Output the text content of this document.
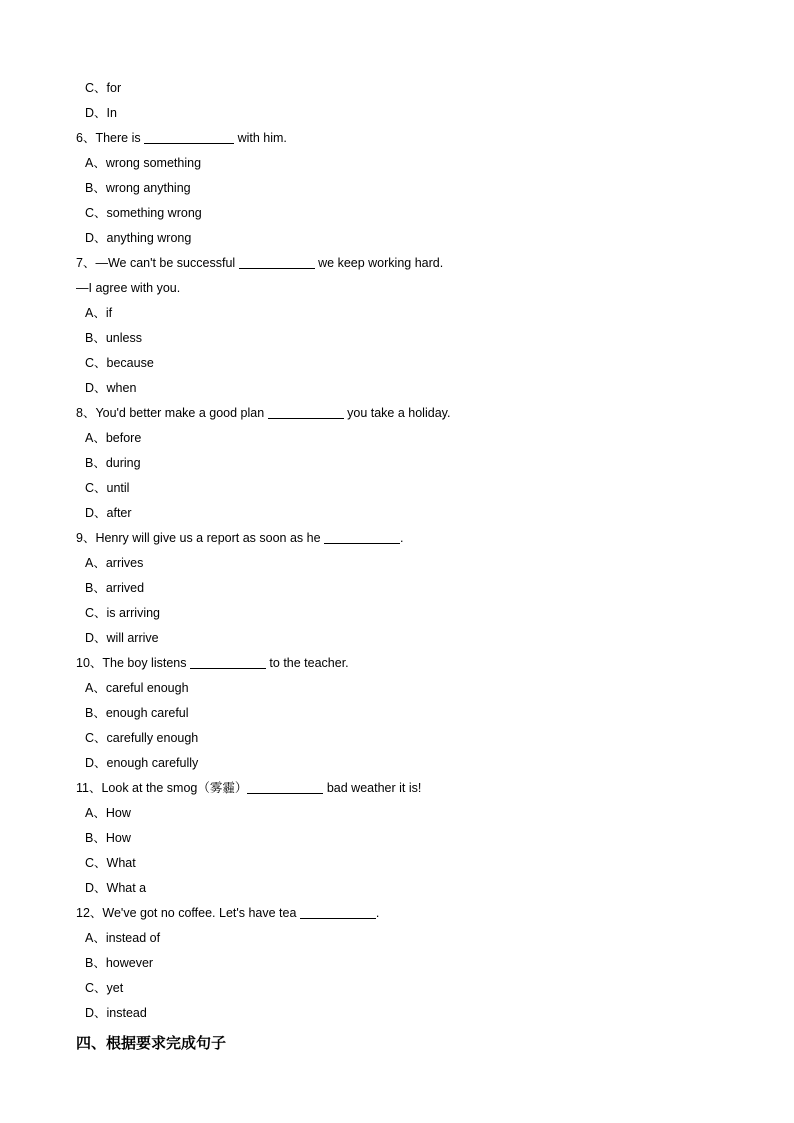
C、for
D、In
6、There is	with him.
A、wrong something
B、wrong anything
C、something wrong
D、anything wrong
7、—We can't be successful	we keep working hard.
—I agree with you.
A、if
B、unless
C、because
D、when
8、You'd better make a good plan	you take a holiday.
A、before
B、during
C、until
D、after
9、Henry will give us a report as soon as he	.
A、arrives
B、arrived
C、is arriving
D、will arrive
10、The boy listens	to the teacher.
A、careful enough
B、enough careful
C、carefully enough
D、enough carefully
11、Look at the smog（雾霾）	bad weather it is!
A、How
B、How
C、What
D、What a
12、We've got no coffee. Let's have tea	.
A、instead of
B、however
C、yet
D、instead
四、根据要求完成句子
